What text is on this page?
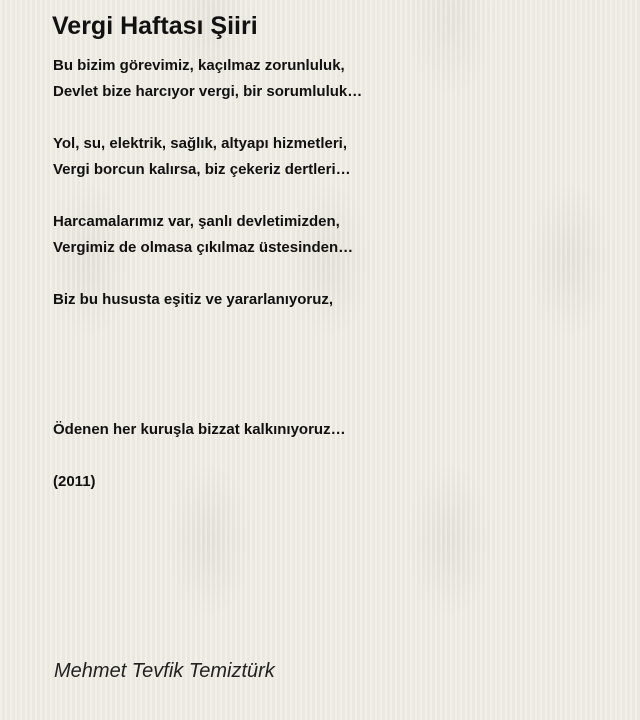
Vergi Haftası Şiiri
Bu bizim görevimiz, kaçılmaz zorunluluk,
Devlet bize harcıyor vergi, bir sorumluluk…
Yol, su, elektrik, sağlık, altyapı hizmetleri,
Vergi borcun kalırsa, biz çekeriz dertleri…
Harcamalarımız var, şanlı devletimizden,
Vergimiz de olmasa çıkılmaz üstesinden…
Biz bu hususta eşitiz ve yararlanıyoruz,
Ödenen her kuruşla bizzat kalkınıyoruz…
(2011)
Mehmet Tevfik Temiztürk
